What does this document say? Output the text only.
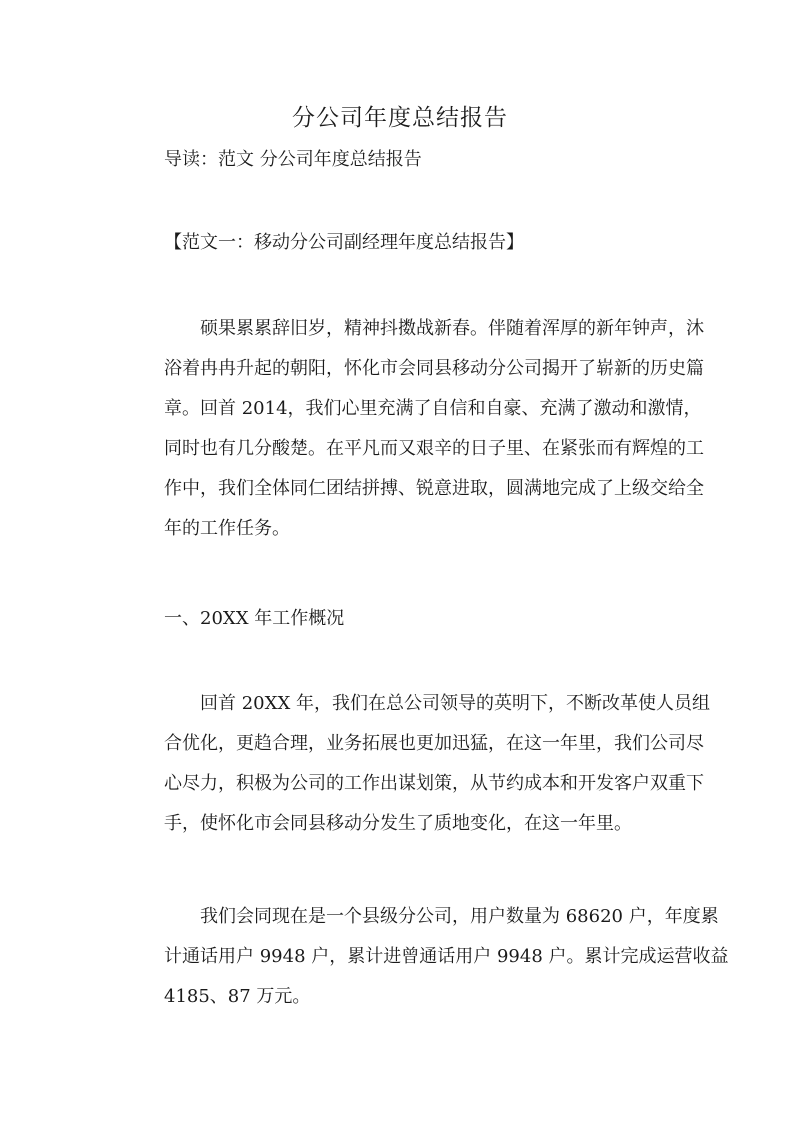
分公司年度总结报告
导读：范文 分公司年度总结报告
【范文一：移动分公司副经理年度总结报告】
硕果累累辞旧岁，精神抖擞战新春。伴随着浑厚的新年钟声，沐
浴着冉冉升起的朝阳，怀化市会同县移动分公司揭开了崭新的历史篇
章。回首 2014，我们心里充满了自信和自豪、充满了激动和激情，
同时也有几分酸楚。在平凡而又艰辛的日子里、在紧张而有辉煌的工
作中，我们全体同仁团结拼搏、锐意进取，圆满地完成了上级交给全
年的工作任务。
一、20XX 年工作概况
回首 20XX 年，我们在总公司领导的英明下，不断改革使人员组
合优化，更趋合理，业务拓展也更加迅猛，在这一年里，我们公司尽
心尽力，积极为公司的工作出谋划策，从节约成本和开发客户双重下
手，使怀化市会同县移动分发生了质地变化，在这一年里。
我们会同现在是一个县级分公司，用户数量为 68620 户，年度累
计通话用户 9948 户，累计进曾通话用户 9948 户。累计完成运营收益
4185、87 万元。
